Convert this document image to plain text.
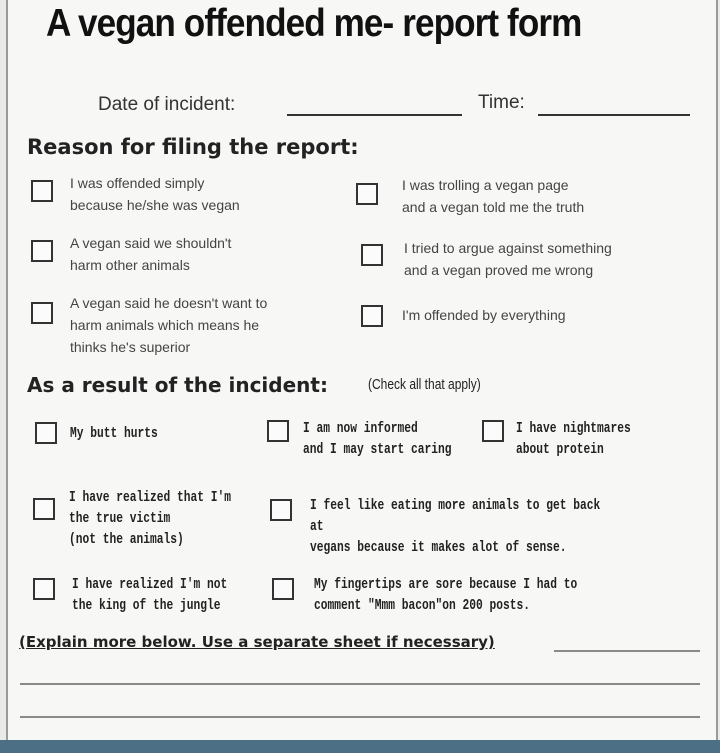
A vegan offended me- report form
Date of incident:	Time:
Reason for filing the report:
I was offended simply
because he/she was vegan
I was trolling a vegan page
and a vegan told me the truth
A vegan said we shouldn't
harm other animals
I tried to argue against something
and a vegan proved me wrong
A vegan said he doesn't want to
harm animals which means he
thinks he's superior
I'm offended by everything
As a result of the incident:	(Check all that apply)
My butt hurts	I am now informed
and I may start caring
I have nightmares
about protein
I have realized that I'm
the true victim
(not the animals)
I feel like eating more animals to get back at
vegans because it makes alot of sense.
I have realized I'm not
the king of the jungle
My fingertips are sore because I had to
comment "Mmm bacon"on 200 posts.
(Explain more below. Use a separate sheet if necessary)
